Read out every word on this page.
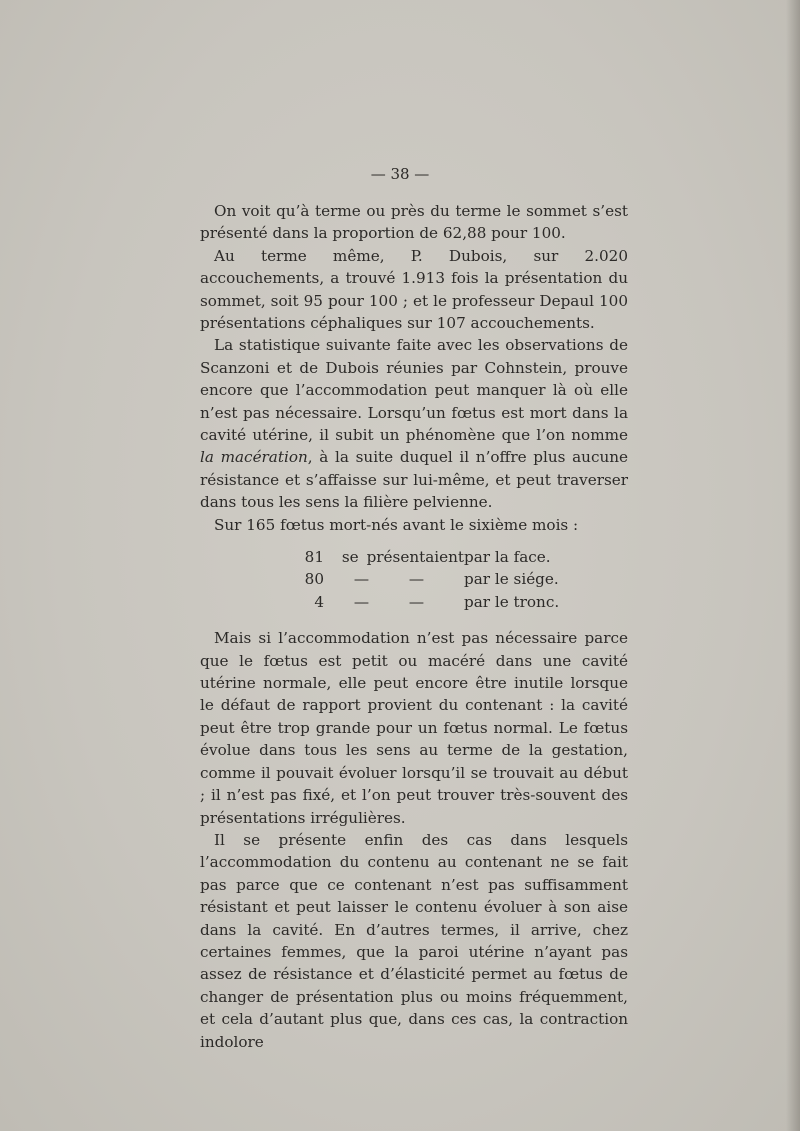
— 38 —

On voit qu’à terme ou près du terme le sommet s’est présenté dans la proportion de 62,88 pour 100.

Au terme même, P. Dubois, sur 2.020 accouchements, a trouvé 1.913 fois la présentation du sommet, soit 95 pour 100 ; et le professeur Depaul 100 présentations céphaliques sur 107 accouchements.

La statistique suivante faite avec les observations de Scanzoni et de Dubois réunies par Cohnstein, prouve encore que l’accommodation peut manquer là où elle n’est pas nécessaire. Lorsqu’un fœtus est mort dans la cavité utérine, il subit un phénomène que l’on nomme la macération, à la suite duquel il n’offre plus aucune résistance et s’affaisse sur lui-même, et peut traverser dans tous les sens la filière pelvienne.

Sur 165 fœtus mort-nés avant le sixième mois :

81	se présentaient par la face.
80	—	—	par le siége.
4	—	—	par le tronc.

Mais si l’accommodation n’est pas nécessaire parce que le fœtus est petit ou macéré dans une cavité utérine normale, elle peut encore être inutile lorsque le défaut de rapport provient du contenant : la cavité peut être trop grande pour un fœtus normal. Le fœtus évolue dans tous les sens au terme de la gestation, comme il pouvait évoluer lorsqu’il se trouvait au début ; il n’est pas fixé, et l’on peut trouver très-souvent des présentations irrégulières.

Il se présente enfin des cas dans lesquels l’accommodation du contenu au contenant ne se fait pas parce que ce contenant n’est pas suffisamment résistant et peut laisser le contenu évoluer à son aise dans la cavité. En d’autres termes, il arrive, chez certaines femmes, que la paroi utérine n’ayant pas assez de résistance et d’élasticité permet au fœtus de changer de présentation plus ou moins fréquemment, et cela d’autant plus que, dans ces cas, la contraction indolore
